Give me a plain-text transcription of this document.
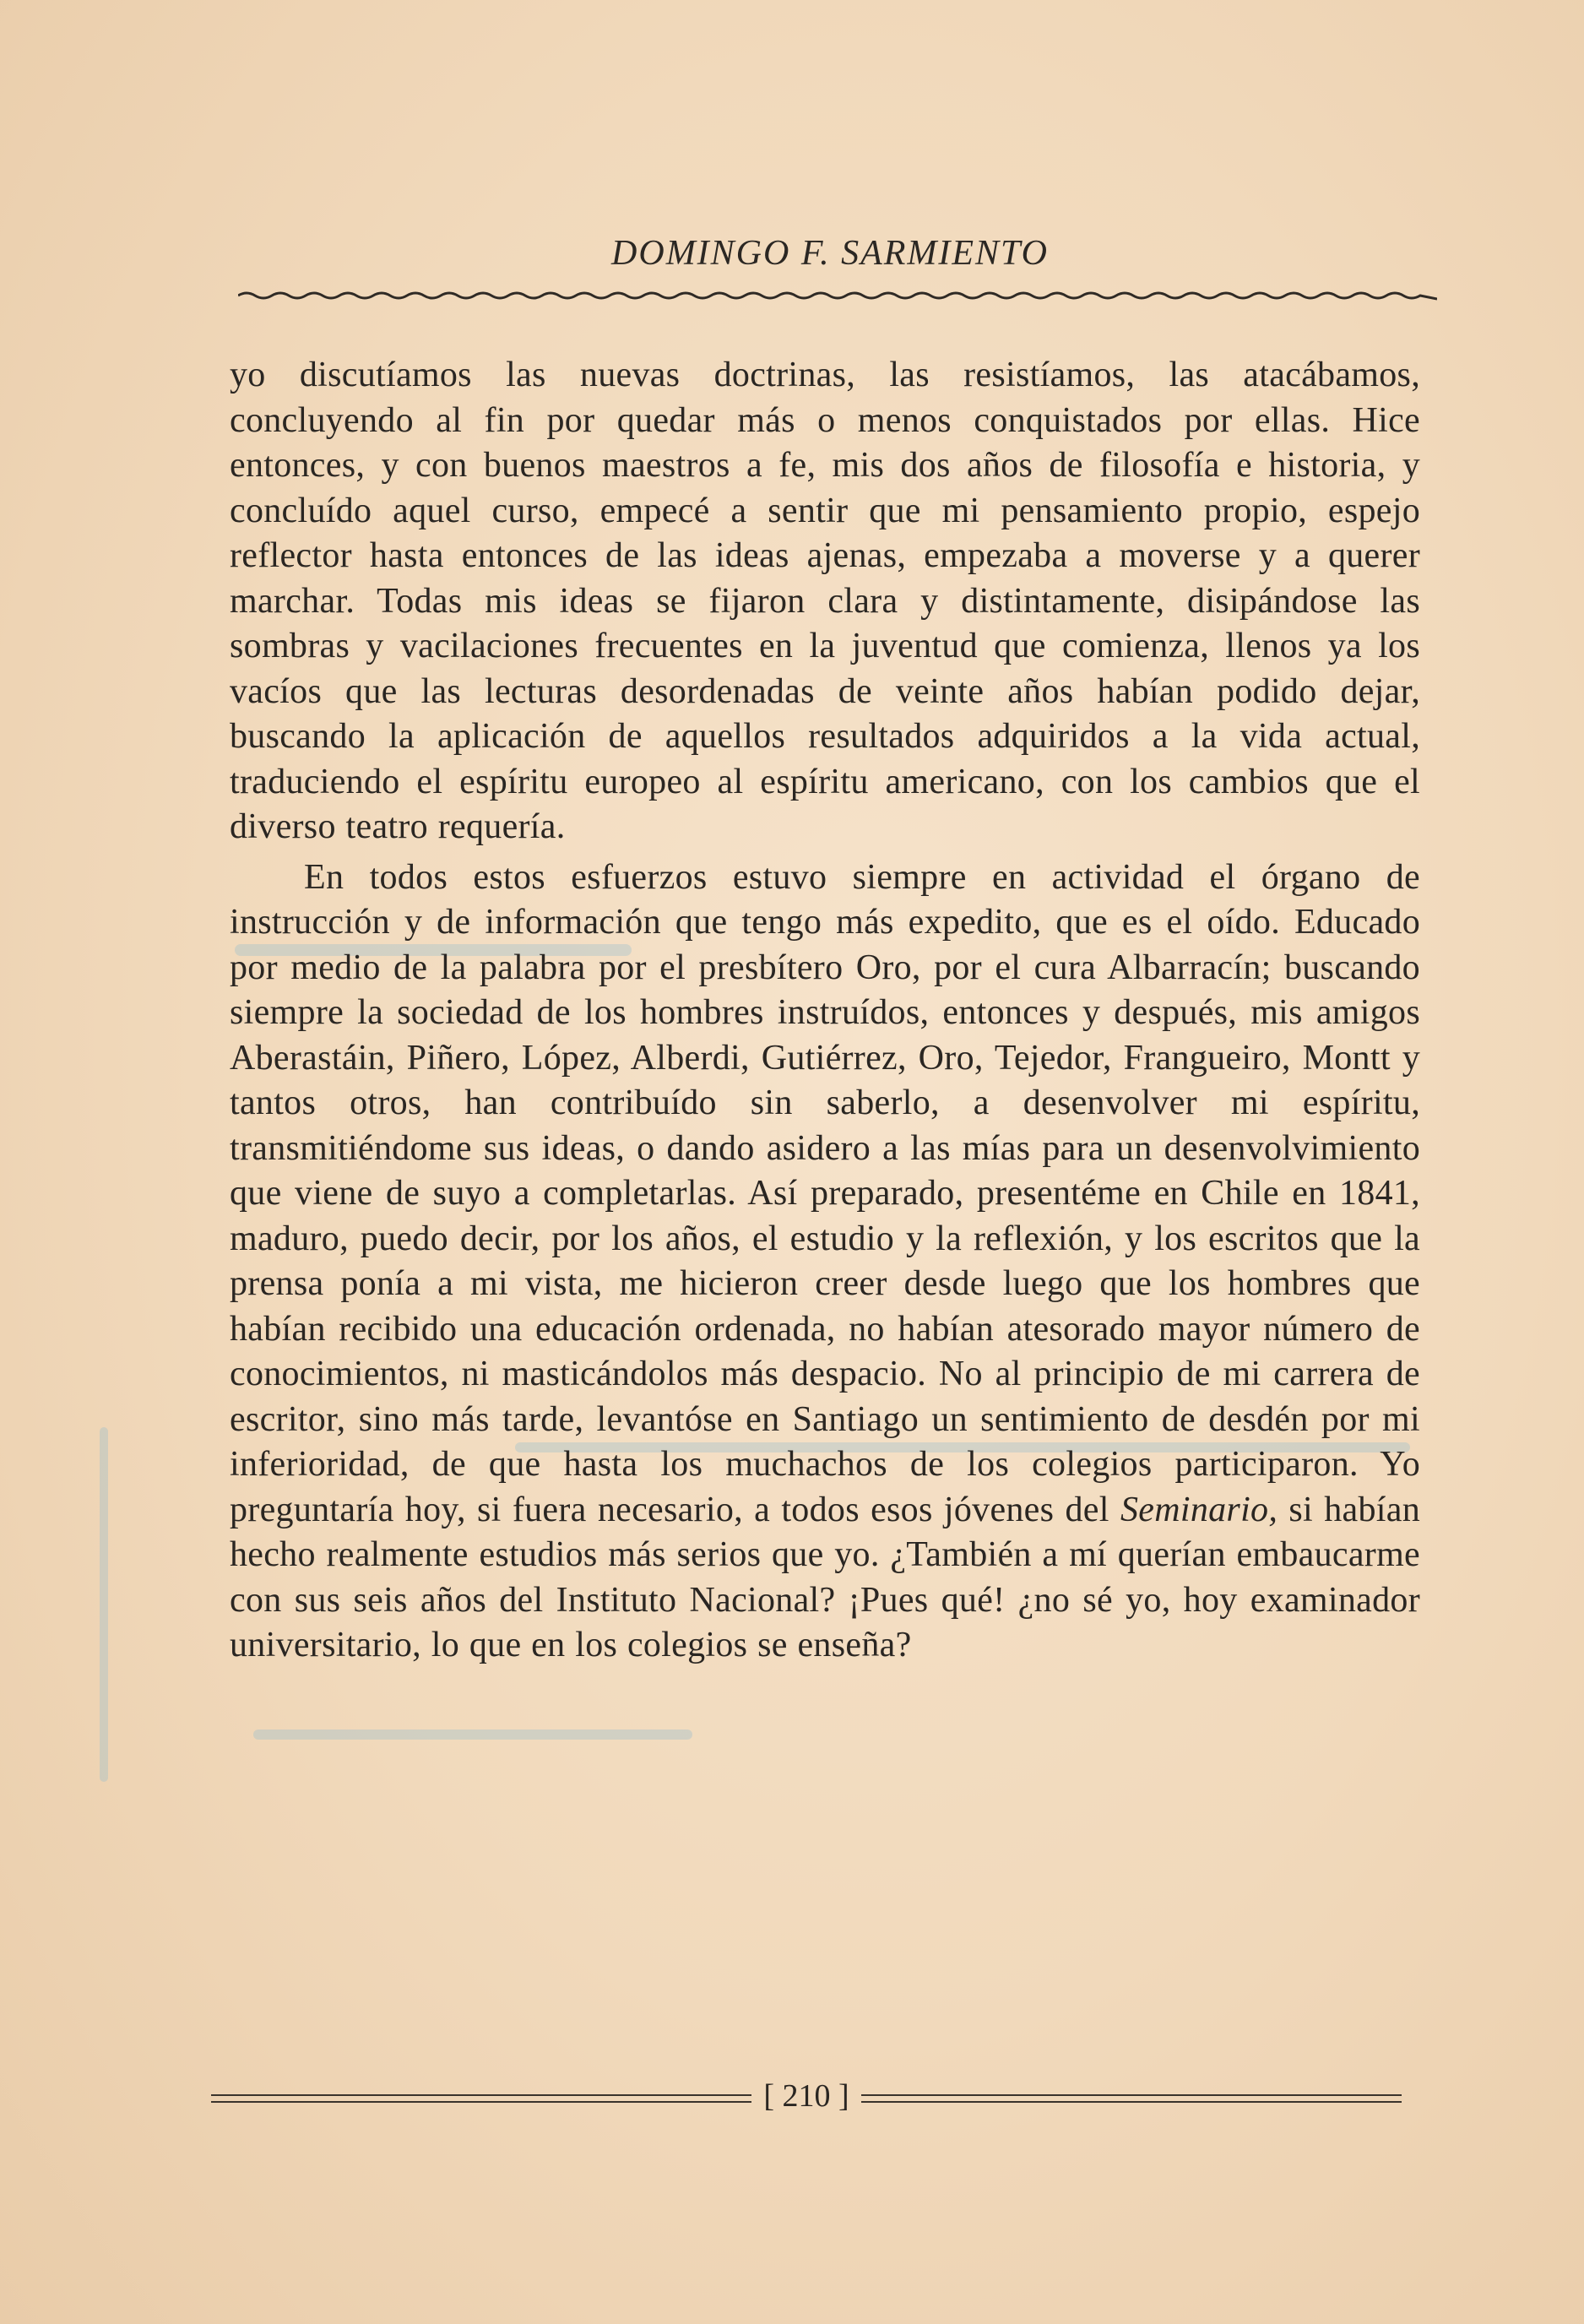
DOMINGO F. SARMIENTO

yo discutíamos las nuevas doctrinas, las resistíamos, las atacábamos, concluyendo al fin por quedar más o menos conquistados por ellas. Hice entonces, y con buenos maestros a fe, mis dos años de filosofía e historia, y concluído aquel curso, empecé a sentir que mi pensamiento propio, espejo reflector hasta entonces de las ideas ajenas, empezaba a moverse y a querer marchar. Todas mis ideas se fijaron clara y distintamente, disipándose las sombras y vacilaciones frecuentes en la juventud que comienza, llenos ya los vacíos que las lecturas desordenadas de veinte años habían podido dejar, buscando la aplicación de aquellos resultados adquiridos a la vida actual, traduciendo el espíritu europeo al espíritu americano, con los cambios que el diverso teatro requería.

En todos estos esfuerzos estuvo siempre en actividad el órgano de instrucción y de información que tengo más expedito, que es el oído. Educado por medio de la palabra por el presbítero Oro, por el cura Albarracín; buscando siempre la sociedad de los hombres instruídos, entonces y después, mis amigos Aberastáin, Piñero, López, Alberdi, Gutiérrez, Oro, Tejedor, Frangueiro, Montt y tantos otros, han contribuído sin saberlo, a desenvolver mi espíritu, transmitiéndome sus ideas, o dando asidero a las mías para un desenvolvimiento que viene de suyo a completarlas. Así preparado, presentéme en Chile en 1841, maduro, puedo decir, por los años, el estudio y la reflexión, y los escritos que la prensa ponía a mi vista, me hicieron creer desde luego que los hombres que habían recibido una educación ordenada, no habían atesorado mayor número de conocimientos, ni masticándolos más despacio. No al principio de mi carrera de escritor, sino más tarde, levantóse en Santiago un sentimiento de desdén por mi inferioridad, de que hasta los muchachos de los colegios participaron. Yo preguntaría hoy, si fuera necesario, a todos esos jóvenes del Seminario, si habían hecho realmente estudios más serios que yo. ¿También a mí querían embaucarme con sus seis años del Instituto Nacional? ¡Pues qué! ¿no sé yo, hoy examinador universitario, lo que en los colegios se enseña?

[ 210 ]
